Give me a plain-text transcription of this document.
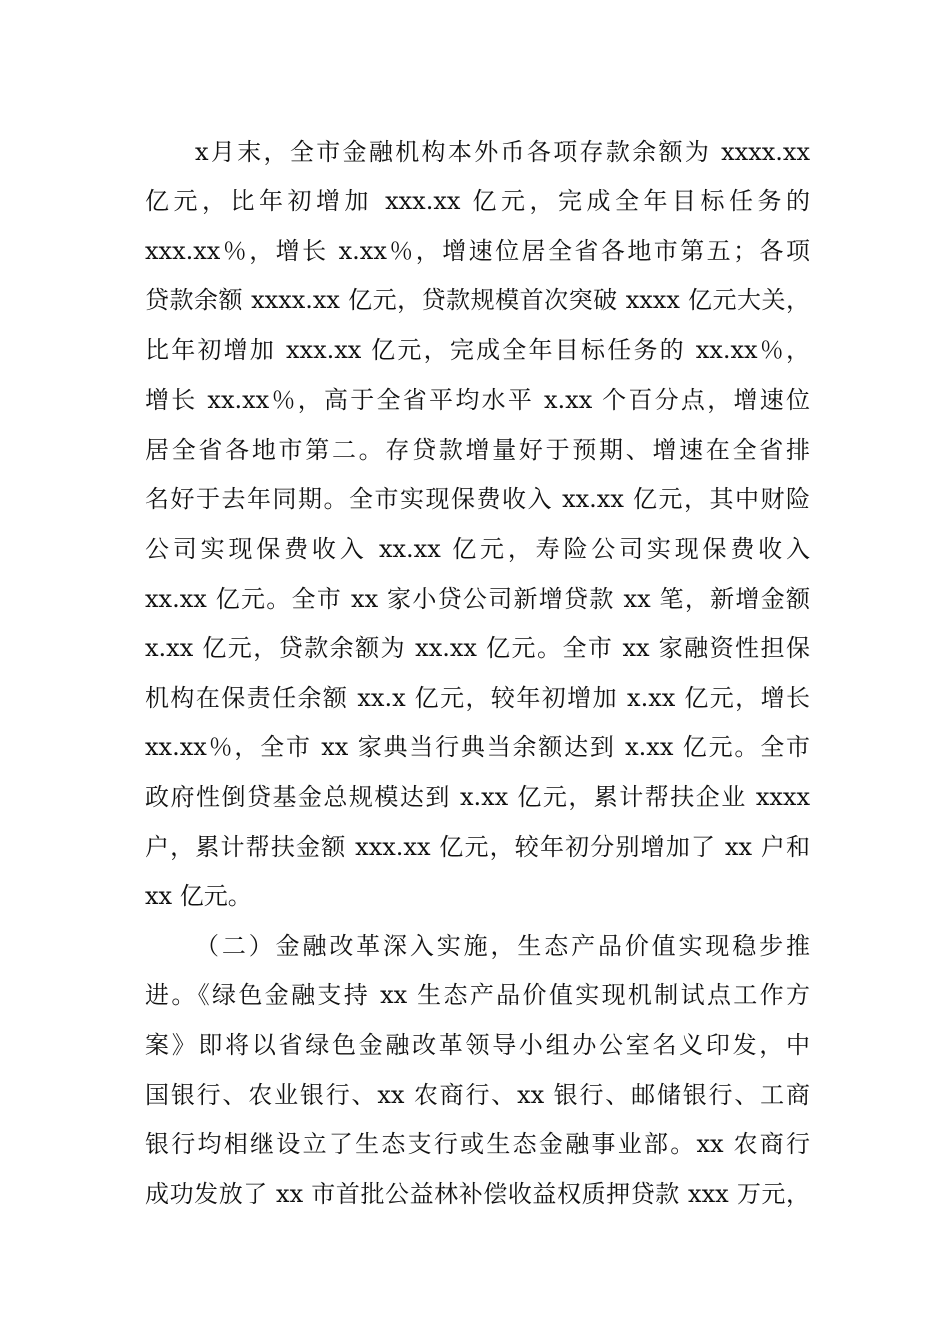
x月末，全市金融机构本外币各项存款余额为 xxxx.xx
亿元，比年初增加 xxx.xx 亿元，完成全年目标任务的
xxx.xx％，增长 x.xx％，增速位居全省各地市第五；各项
贷款余额 xxxx.xx 亿元，贷款规模首次突破 xxxx 亿元大关，
比年初增加 xxx.xx 亿元，完成全年目标任务的 xx.xx％，
增长 xx.xx％，高于全省平均水平 x.xx 个百分点，增速位
居全省各地市第二。存贷款增量好于预期、增速在全省排
名好于去年同期。全市实现保费收入 xx.xx 亿元，其中财险
公司实现保费收入 xx.xx 亿元，寿险公司实现保费收入
xx.xx 亿元。全市 xx 家小贷公司新增贷款 xx 笔，新增金额
x.xx 亿元，贷款余额为 xx.xx 亿元。全市 xx 家融资性担保
机构在保责任余额 xx.x 亿元，较年初增加 x.xx 亿元，增长
xx.xx％，全市 xx 家典当行典当余额达到 x.xx 亿元。全市
政府性倒贷基金总规模达到 x.xx 亿元，累计帮扶企业 xxxx
户，累计帮扶金额 xxx.xx 亿元，较年初分别增加了 xx 户和
xx 亿元。
（二）金融改革深入实施，生态产品价值实现稳步推
进。《绿色金融支持 xx 生态产品价值实现机制试点工作方
案》即将以省绿色金融改革领导小组办公室名义印发，中
国银行、农业银行、xx 农商行、xx 银行、邮储银行、工商
银行均相继设立了生态支行或生态金融事业部。xx 农商行
成功发放了 xx 市首批公益林补偿收益权质押贷款 xxx 万元，
